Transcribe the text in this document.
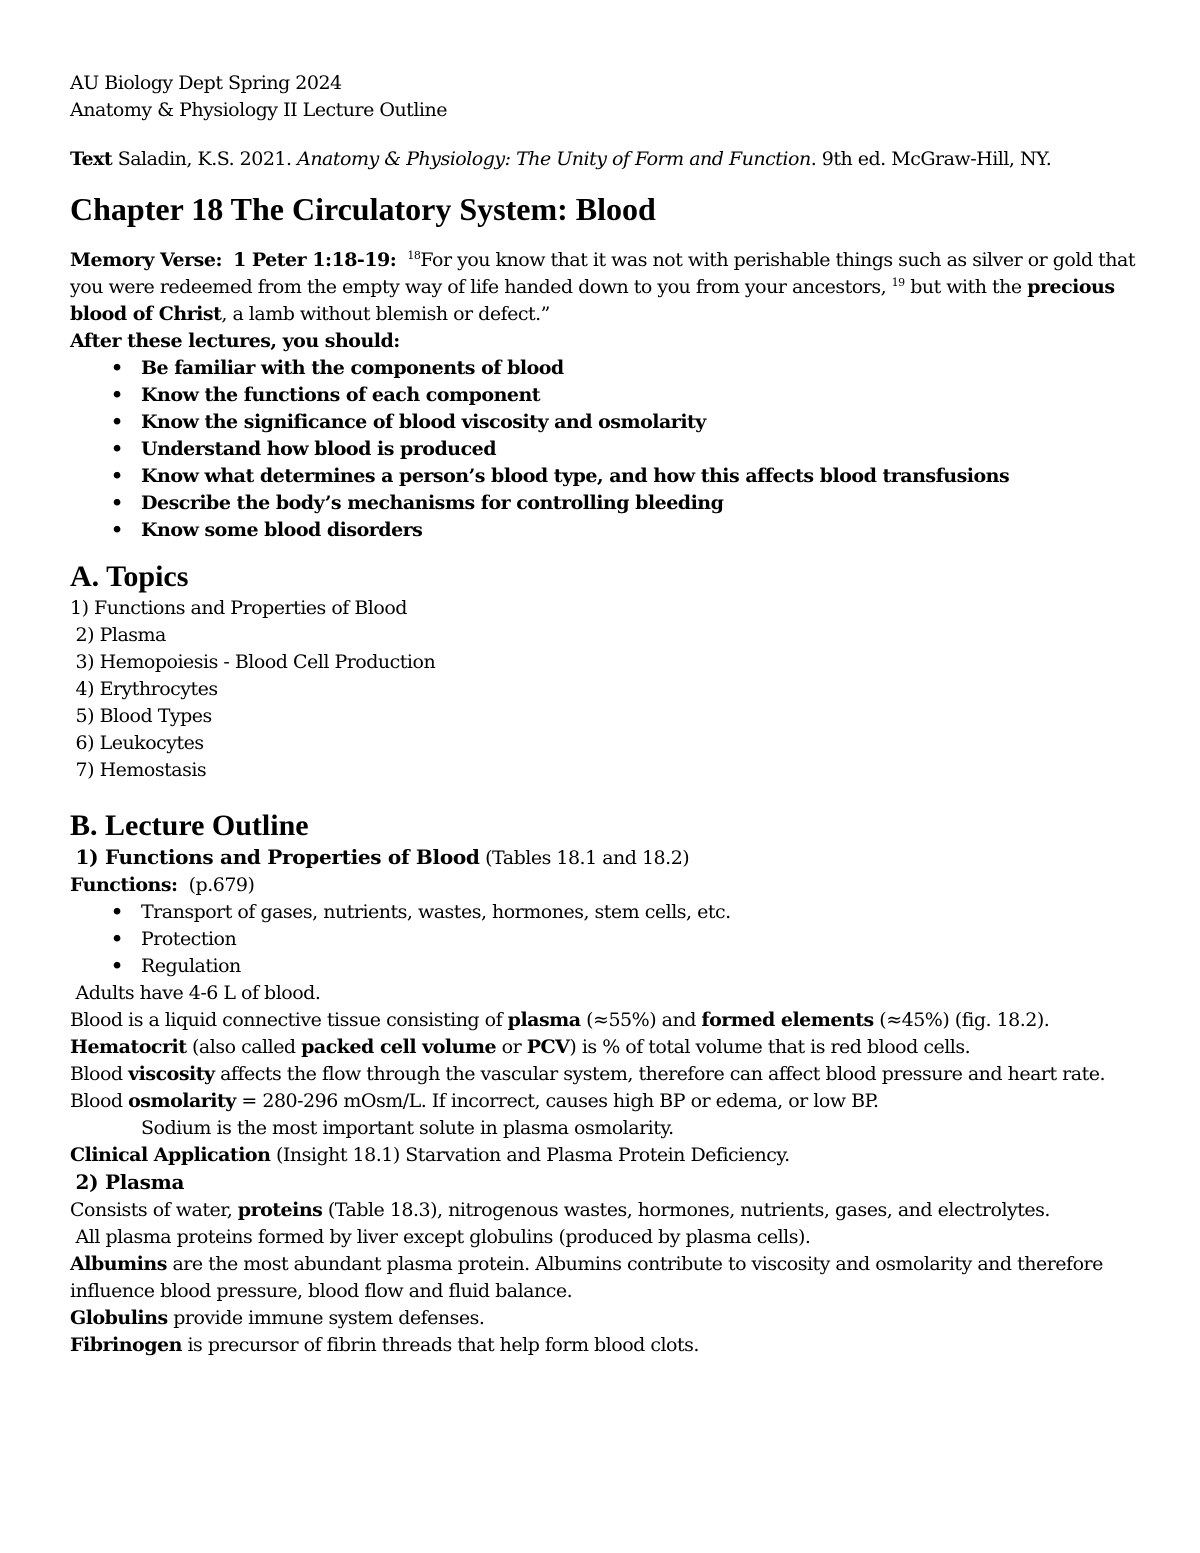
AU Biology Dept Spring 2024

Anatomy & Physiology II Lecture Outline

Text Saladin, K.S. 2021. Anatomy & Physiology: The Unity of Form and Function. 9th ed. McGraw-Hill, NY.

Chapter 18 The Circulatory System: Blood

Memory Verse: 1 Peter 1:18-19: $^{18}$For you know that it was not with perishable things such as silver or gold that you were redeemed from the empty way of life handed down to you from your ancestors, $^{19}$ but with the precious blood of Christ, a lamb without blemish or defect.”

After these lectures, you should:

• Be familiar with the components of blood
• Know the functions of each component
• Know the significance of blood viscosity and osmolarity
• Understand how blood is produced
• Know what determines a person’s blood type, and how this affects blood transfusions
• Describe the body’s mechanisms for controlling bleeding
• Know some blood disorders
A. Topics

1) Functions and Properties of Blood

2) Plasma

3) Hemopoiesis - Blood Cell Production

4) Erythrocytes

5) Blood Types

6) Leukocytes

7) Hemostasis

B. Lecture Outline

1) Functions and Properties of Blood (Tables 18.1 and 18.2)

Functions:  (p.679)

• Transport of gases, nutrients, wastes, hormones, stem cells, etc.
• Protection
• Regulation

Adults have 4-6 L of blood.

Blood is a liquid connective tissue consisting of plasma (≈55%) and formed elements (≈45%) (fig. 18.2).

Hematocrit (also called packed cell volume or PCV) is % of total volume that is red blood cells.

Blood viscosity affects the flow through the vascular system, therefore can affect blood pressure and heart rate.

Blood osmolarity = 280-296 mOsm/L. If incorrect, causes high BP or edema, or low BP.

Sodium is the most important solute in plasma osmolarity.

Clinical Application (Insight 18.1) Starvation and Plasma Protein Deficiency.

2) Plasma

Consists of water, proteins (Table 18.3), nitrogenous wastes, hormones, nutrients, gases, and electrolytes.

All plasma proteins formed by liver except globulins (produced by plasma cells).

Albumins are the most abundant plasma protein. Albumins contribute to viscosity and osmolarity and therefore influence blood pressure, blood flow and fluid balance.

Globulins provide immune system defenses.

Fibrinogen is precursor of fibrin threads that help form blood clots.
